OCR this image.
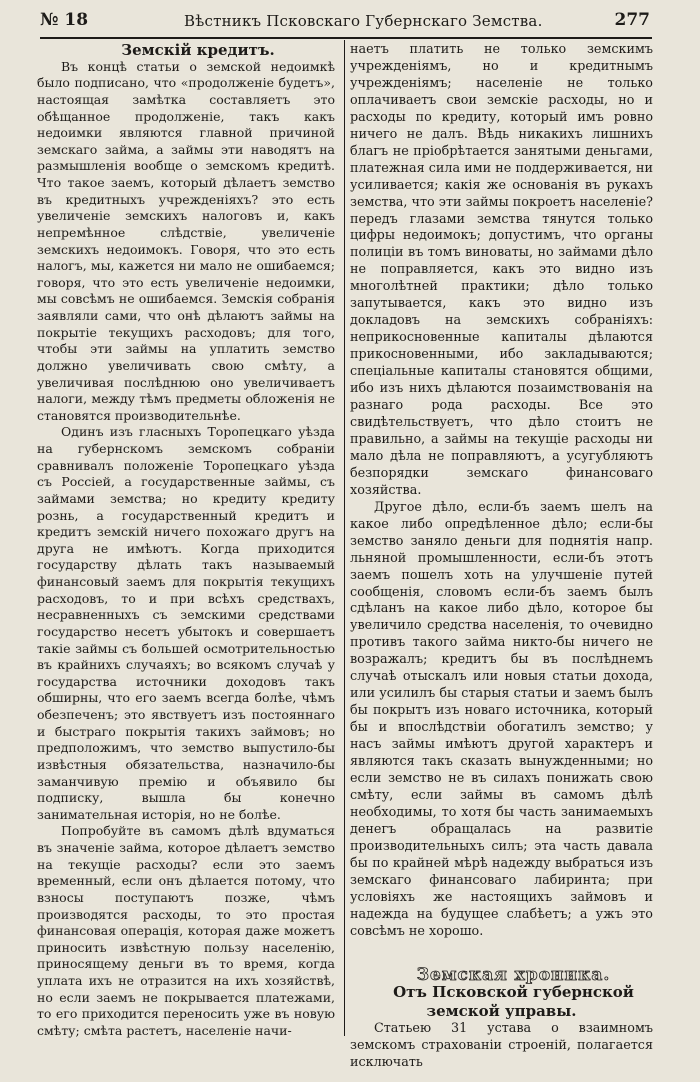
№ 18	Вѣстникъ Псковскаго Губернскаго Земства.	277

Земскій кредитъ.

Въ концѣ статьи о земской недоимкѣ было подписано, что «продолженіе будетъ», настоящая замѣтка составляетъ это обѣщанное продолженіе, такъ какъ недоимки являются главной причиной земскаго займа, а займы эти наводятъ на размышленія вообще о земскомъ кредитѣ. Что такое заемъ, который дѣлаетъ земство въ кредитныхъ учрежденіяхъ? это есть увеличеніе земскихъ налоговъ и, какъ непремѣнное слѣдствіе, увеличеніе земскихъ недоимокъ. Говоря, что это есть налогъ, мы, кажется ни мало не ошибаемся; говоря, что это есть увеличеніе недоимки, мы совсѣмъ не ошибаемся. Земскія собранія заявляли сами, что онѣ дѣлаютъ займы на покрытіе текущихъ расходовъ; для того, чтобы эти займы на уплатить земство должно увеличивать свою смѣту, а увеличивая послѣднюю оно увеличиваетъ налоги, между тѣмъ предметы обложенія не становятся производительнѣе.

Одинъ изъ гласныхъ Торопецкаго уѣзда на губернскомъ земскомъ собраніи сравнивалъ положеніе Торопецкаго уѣзда съ Россіей, а государственные займы, съ займами земства; но кредиту кредиту рознь, а государственный кредитъ и кредитъ земскій ничего похожаго другъ на друга не имѣютъ. Когда приходится государству дѣлать такъ называемый финансовый заемъ для покрытія текущихъ расходовъ, то и при всѣхъ средствахъ, несравненныхъ съ земскими средствами государство несетъ убытокъ и совершаетъ такіе займы съ большей осмотрительностью въ крайнихъ случаяхъ; во всякомъ случаѣ у государства источники доходовъ такъ обширны, что его заемъ всегда болѣе, чѣмъ обезпеченъ; это явствуетъ изъ постояннаго и быстраго покрытія такихъ займовъ; но предположимъ, что земство выпустило-бы извѣстныя обязательства, назначило-бы заманчивую премію и объявило бы подписку, вышла бы конечно занимательная исторія, но не болѣе.

Попробуйте въ самомъ дѣлѣ вдуматься въ значеніе займа, которое дѣлаетъ земство на текущіе расходы? если это заемъ временный, если онъ дѣлается потому, что взносы поступаютъ позже, чѣмъ производятся расходы, то это простая финансовая операція, которая даже можетъ приносить извѣстную пользу населенію, приносящему деньги въ то время, когда уплата ихъ не отразится на ихъ хозяйствѣ, но если заемъ не покрывается платежами, то его приходится переносить уже въ новую смѣту; смѣта растетъ, населеніе начи-

наетъ платить не только земскимъ учрежденіямъ, но и кредитнымъ учрежденіямъ; населеніе не только оплачиваетъ свои земскіе расходы, но и расходы по кредиту, который имъ ровно ничего не далъ. Вѣдь никакихъ лишнихъ благъ не пріобрѣтается занятыми деньгами, платежная сила ими не поддерживается, ни усиливается; какія же основанія въ рукахъ земства, что эти займы покроетъ населеніе? передъ глазами земства тянутся только цифры недоимокъ; допустимъ, что органы полиціи въ томъ виноваты, но займами дѣло не поправляется, какъ это видно изъ многолѣтней практики; дѣло только запутывается, какъ это видно изъ докладовъ на земскихъ собраніяхъ: неприкосновенные капиталы дѣлаются прикосновенными, ибо закладываются; спеціальные капиталы становятся общими, ибо изъ нихъ дѣлаются позаимствованія на разнаго рода расходы. Все это свидѣтельствуетъ, что дѣло стоитъ не правильно, а займы на текущіе расходы ни мало дѣла не поправляютъ, а усугубляютъ безпорядки земскаго финансоваго хозяйства.

Другое дѣло, если-бъ заемъ шелъ на какое либо опредѣленное дѣло; если-бы земство заняло деньги для поднятія напр. льняной промышленности, если-бъ этотъ заемъ пошелъ хоть на улучшеніе путей сообщенія, словомъ если-бъ заемъ былъ сдѣланъ на какое либо дѣло, которое бы увеличило средства населенія, то очевидно противъ такого займа никто-бы ничего не возражалъ; кредитъ бы въ послѣднемъ случаѣ отыскалъ или новыя статьи дохода, или усилилъ бы старыя статьи и заемъ былъ бы покрытъ изъ новаго источника, который бы и впослѣдствіи обогатилъ земство; у насъ займы имѣютъ другой характеръ и являются такъ сказать вынужденными; но если земство не въ силахъ понижать свою смѣту, если займы въ самомъ дѣлѣ необходимы, то хотя бы часть занимаемыхъ денегъ обращалась на развитіе производительныхъ силъ; эта часть давала бы по крайней мѣрѣ надежду выбраться изъ земскаго финансоваго лабиринта; при условіяхъ же настоящихъ займовъ и надежда на будущее слабѣетъ; а ужъ это совсѣмъ не хорошо.

Земская хроника.

Отъ Псковской губернской земской управы.

Статьею 31 устава о взаимномъ земскомъ страхованіи строеній, полагается исключать
